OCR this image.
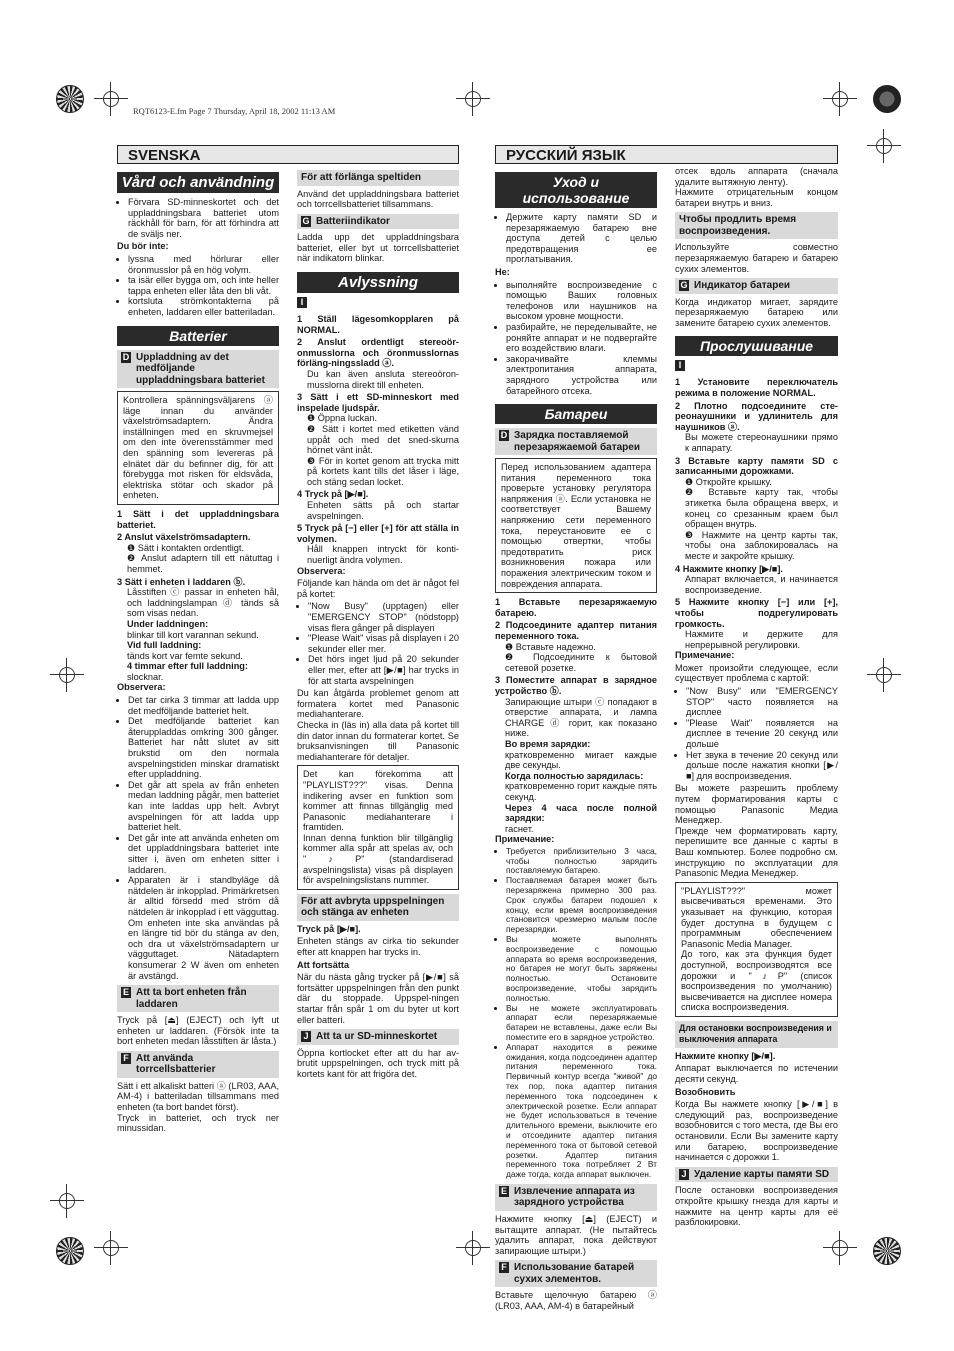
RQT6123-E.fm Page 7 Thursday, April 18, 2002 11:13 AM
SVENSKA	РУССКИЙ ЯЗЫК
Vård och användning
• Förvara SD-minneskortet och det uppladdningsbara batteriet utom räckhåll för barn, för att förhindra att de sväljs ner.

Du bör inte:

• lyssna med hörlurar eller öronmusslor på en hög volym.
• ta isär eller bygga om, och inte heller tappa enheten eller låta den bli våt.
• kortsluta strömkontakterna på enheten, laddaren eller batteriladan.
Batterier
D Uppladdning av det medföljande uppladdningsbara batteriet
Kontrollera spänningsväljarens ⓐ läge innan du använder växelströmsadaptern. Ändra inställningen med en skruvmejsel om den inte överensstämmer med den spänning som levereras på elnätet där du befinner dig, för att förebygga mot risken för eldsvåda, elektriska stötar och skador på enheten.
1 Sätt i det uppladdningsbara batteriet.
2 Anslut växelströmsadaptern.
❶ Sätt i kontakten ordentligt.
❷ Anslut adaptern till ett nätuttag i hemmet.
3 Sätt i enheten i laddaren ⓑ.
Låsstiften ⓒ passar in enheten hål, och laddningslampan ⓓ tänds så som visas nedan.
Under laddningen:
blinkar till kort varannan sekund.
Vid full laddning:
tänds kort var femte sekund.
4 timmar efter full laddning:
slocknar.

Observera:

• Det tar cirka 3 timmar att ladda upp det medföljande batteriet helt.
• Det medföljande batteriet kan återuppladdas omkring 300 gånger. Batteriet har nått slutet av sitt brukstid om den normala avspelningstiden minskar dramatiskt efter uppladdning.
• Det går att spela av från enheten medan laddning pågår, men batteriet kan inte laddas upp helt. Avbryt avspelningen för att ladda upp batteriet helt.
• Det går inte att använda enheten om det uppladdningsbara batteriet inte sitter i, även om enheten sitter i laddaren.
• Apparaten är i standbyläge då nätdelen är inkopplad. Primärkretsen är alltid försedd med ström då nätdelen är inkopplad i ett vägguttag. Om enheten inte ska användas på en längre tid bör du stänga av den, och dra ut växelströmsadaptern ur vägguttaget. Nätadaptern konsumerar 2 W även om enheten är avstängd.
E Att ta bort enheten från laddaren

Tryck på [⏏] (EJECT) och lyft ut enheten ur laddaren. (Försök inte ta bort enheten medan låsstiften är låsta.)

F Att använda torrcellsbatterier

Sätt i ett alkaliskt batteri ⓐ (LR03, AAA, AM-4) i batteriladan tillsammans med enheten (ta bort bandet först).
Tryck in batteriet, och tryck ner minussidan.

För att förlänga speltiden

Använd det uppladdningsbara batteriet och torrcellsbatteriet tillsammans.

G Batteriindikator

Ladda upp det uppladdningsbara batteriet, eller byt ut torrcellsbatteriet när indikatorn blinkar.

Avlyssning
I
1 Ställ lägesomkopplaren på NORMAL.
2 Anslut ordentligt stereoör-onmusslorna och öronmusslornas förläng-ningssladd ⓐ.
Du kan även ansluta stereoöron-musslorna direkt till enheten.
3 Sätt i ett SD-minneskort med inspelade ljudspår.
❶ Öppna luckan.
❷ Sätt i kortet med etiketten vänd uppåt och med det sned-skurna hörnet vänt inåt.
❸ För in kortet genom att trycka mitt på kortets kant tills det låser i läge, och stäng sedan locket.
4 Tryck på [▶/■].
Enheten sätts på och startar avspelningen.
5 Tryck på [−] eller [+] för att ställa in volymen.
Håll knappen intryckt för konti-nuerligt ändra volymen.

Observera:

Följande kan hända om det är något fel på kortet:

• "Now Busy" (upptagen) eller "EMERGENCY STOP" (nödstopp) visas flera gånger på displayen
• "Please Wait" visas på displayen i 20 sekunder eller mer.
• Det hörs inget ljud på 20 sekunder eller mer, efter att [▶/■] har trycks in för att starta avspelningen

Du kan åtgärda problemet genom att formatera kortet med Panasonic mediahanterare.
Checka in (läs in) alla data på kortet till din dator innan du formaterar kortet. Se bruksanvisningen till Panasonic mediahanterare för detaljer.

Det kan förekomma att "PLAYLIST???" visas. Denna indikering avser en funktion som kommer att finnas tillgänglig med Panasonic mediahanterare i framtiden.
Innan denna funktion blir tillgänglig kommer alla spår att spelas av, och "♪P" (standardiserad avspelningslista) visas på displayen för avspelningslistans nummer.
För att avbryta uppspelningen och stänga av enheten

Tryck på [▶/■].

Enheten stängs av cirka tio sekunder efter att knappen har trycks in.

Att fortsätta

När du nästa gång trycker på [▶/■] så fortsätter uppspelningen från den punkt där du stoppade. Uppspel-ningen startar från spår 1 om du byter ut kort eller batteri.

J Att ta ur SD-minneskortet

Öppna kortlocket efter att du har av-brutit uppspelningen, och tryck mitt på kortets kant för att frigöra det.

Уход и использование
• Держите карту памяти SD и перезаряжаемую батарею вне доступа детей с целью предотвращения ее проглатывания.

Не:

• выполняйте воспроизведение с помощью Ваших головных телефонов или наушников на высоком уровне мощности.
• разбирайте, не переделывайте, не роняйте аппарат и не подвергайте его воздействию влаги.
• закорачивайте клеммы электропитания аппарата, зарядного устройства или батарейного отсека.
Батареи
D Зарядка поставляемой перезаряжаемой батареи
Перед использованием адаптера питания переменного тока проверьте установку регулятора напряжения ⓐ. Если установка не соответствует Вашему напряжению сети переменного тока, переустановите ее с помощью отвертки, чтобы предотвратить риск возникновения пожара или поражения электрическим током и повреждения аппарата.
1 Вставьте перезаряжаемую батарею.
2 Подсоедините адаптер питания переменного тока.
❶ Вставьте надежно.
❷ Подсоедините к бытовой сетевой розетке.
3 Поместите аппарат в зарядное устройство ⓑ.
Запирающие штыри ⓒ попадают в отверстие аппарата, и лампа CHARGE ⓓ горит, как показано ниже.
Во время зарядки:
кратковременно мигает каждые две секунды.
Когда полностью зарядилась:
кратковременно горит каждые пять секунд.
Через 4 часа после полной зарядки:
гаснет.

Примечание:

• Требуется приблизительно 3 часа, чтобы полностью зарядить поставляемую батарею.
• Поставляемая батарея может быть перезаряжена примерно 300 раз. Срок службы батареи подошел к концу, если время воспроизведения становится чрезмерно малым после перезарядки.
• Вы можете выполнять воспроизведение с помощью аппарата во время воспроизведения, но батарея не могут быть заряжены полностью. Остановите воспроизведение, чтобы зарядить полностью.
• Вы не можете эксплуатировать аппарат если перезаряжаемые батареи не вставлены, даже если Вы поместите его в зарядное устройство.
• Аппарат находится в режиме ожидания, когда подсоединен адаптер питания переменного тока. Первичный контур всегда "живой" до тех пор, пока адаптер питания переменного тока подсоединен к электрической розетке. Если аппарат не будет использоваться в течение длительного времени, выключите его и отсоедините адаптер питания переменного тока от бытовой сетевой розетки. Адаптер питания переменного тока потребляет 2 Вт даже тогда, когда аппарат выключен.
E Извлечение аппарата из зарядного устройства

Нажмите кнопку [⏏] (EJECT) и вытащите аппарат. (Не пытайтесь удалить аппарат, пока действуют запирающие штыри.)

F Использование батарей сухих элементов.

Вставьте щелочную батарею ⓐ (LR03, AAA, AM-4) в батарейный

отсек вдоль аппарата (сначала удалите вытяжную ленту).
Нажмите отрицательным концом батареи внутрь и вниз.

Чтобы продлить время воспроизведения.

Используйте совместно перезаряжаемую батарею и батарею сухих элементов.

G Индикатор батареи

Когда индикатор мигает, зарядите перезаряжаемую батарею или замените батарею сухих элементов.

Прослушивание
I
1 Установите переключатель режима в положение NORMAL.
2 Плотно подсоедините сте-реонаушники и удлинитель для наушников ⓐ.
Вы можете стереонаушники прямо к аппарату.
3 Вставьте карту памяти SD с записанными дорожками.
❶ Откройте крышку.
❷ Вставьте карту так, чтобы этикетка была обращена вверх, и конец со срезанным краем был обращен внутрь.
❸ Нажмите на центр карты так, чтобы она заблокировалась на месте и закройте крышку.
4 Нажмите кнопку [▶/■].
Аппарат включается, и начинается воспроизведение.
5 Нажмите кнопку [−] или [+], чтобы подрегулировать громкость.
Нажмите и держите для непрерывной регулировки.

Примечание:

Может произойти следующее, если существует проблема с картой:

• "Now Busy" или "EMERGENCY STOP" часто появляется на дисплее
• "Please Wait" появляется на дисплее в течение 20 секунд или дольше
• Нет звука в течение 20 секунд или дольше после нажатия кнопки [▶/■] для воспроизведения.

Вы можете разрешить проблему путем форматирования карты с помощью Panasonic Медиа Менеджер.
Прежде чем форматировать карту, перепишите все данные с карты в Ваш компьютер. Более подробно см. инструкцию по эксплуатации для Panasonic Медиа Менеджер.

"PLAYLIST???" может высвечиваться временами. Это указывает на функцию, которая будет доступна в будущем с программным обеспечением Panasonic Media Manager.
До того, как эта функция будет доступной, воспроизводятся все дорожки и "♪P" (список воспроизведения по умолчанию) высвечивается на дисплее номера списка воспроизведения.
Для остановки воспроизведения и выключения аппарата

Нажмите кнопку [▶/■].

Аппарат выключается по истечении десяти секунд.

Возобновить

Когда Вы нажмете кнопку [▶/■] в следующий раз, воспроизведение возобновится с того места, где Вы его остановили. Если Вы замените карту или батарею, воспроизведение начинается с дорожки 1.

J Удаление карты памяти SD

После остановки воспроизведения откройте крышку гнезда для карты и нажмите на центр карты для её разблокировки.
